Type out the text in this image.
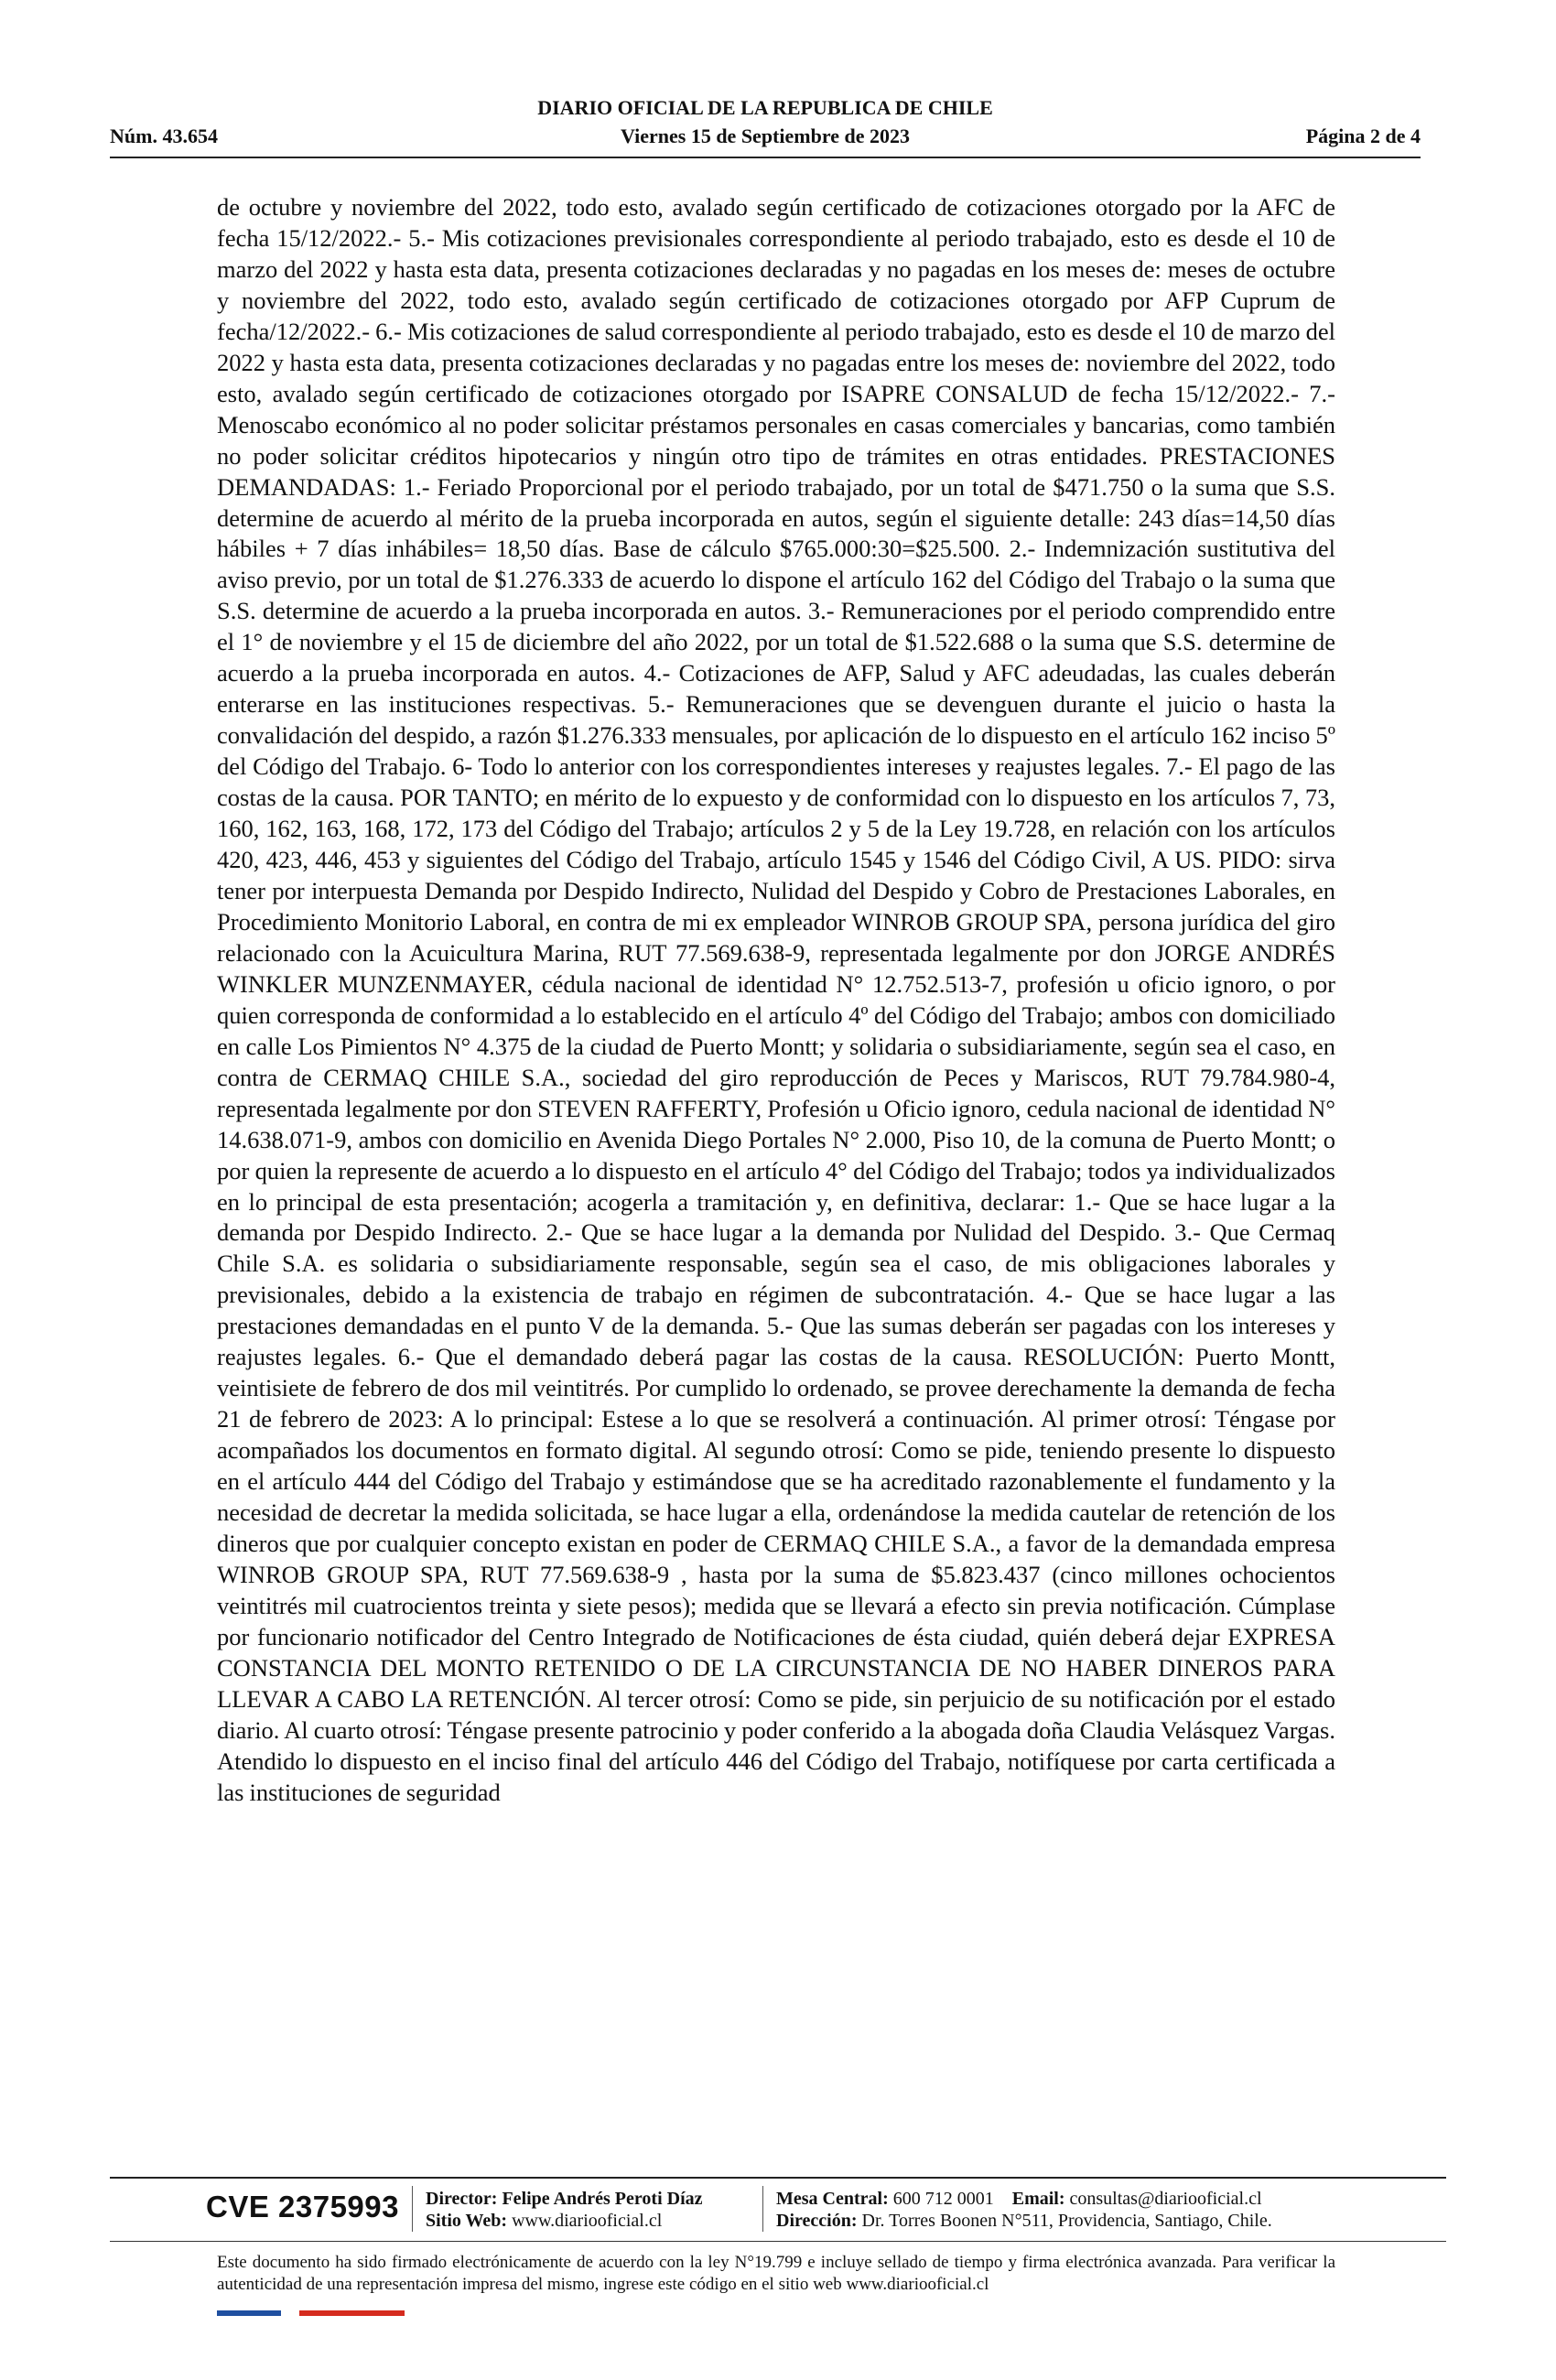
Núm. 43.654
DIARIO OFICIAL DE LA REPUBLICA DE CHILE
Viernes 15 de Septiembre de 2023	Página 2 de 4
de octubre y noviembre del 2022, todo esto, avalado según certificado de cotizaciones otorgado por la AFC de fecha 15/12/2022.- 5.- Mis cotizaciones previsionales correspondiente al periodo trabajado, esto es desde el 10 de marzo del 2022 y hasta esta data, presenta cotizaciones declaradas y no pagadas en los meses de: meses de octubre y noviembre del 2022, todo esto, avalado según certificado de cotizaciones otorgado por AFP Cuprum de fecha/12/2022.- 6.- Mis cotizaciones de salud correspondiente al periodo trabajado, esto es desde el 10 de marzo del 2022 y hasta esta data, presenta cotizaciones declaradas y no pagadas entre los meses de: noviembre del 2022, todo esto, avalado según certificado de cotizaciones otorgado por ISAPRE CONSALUD de fecha 15/12/2022.- 7.- Menoscabo económico al no poder solicitar préstamos personales en casas comerciales y bancarias, como también no poder solicitar créditos hipotecarios y ningún otro tipo de trámites en otras entidades. PRESTACIONES DEMANDADAS: 1.- Feriado Proporcional por el periodo trabajado, por un total de $471.750 o la suma que S.S. determine de acuerdo al mérito de la prueba incorporada en autos, según el siguiente detalle: 243 días=14,50 días hábiles + 7 días inhábiles= 18,50 días. Base de cálculo $765.000:30=$25.500. 2.- Indemnización sustitutiva del aviso previo, por un total de $1.276.333 de acuerdo lo dispone el artículo 162 del Código del Trabajo o la suma que S.S. determine de acuerdo a la prueba incorporada en autos. 3.- Remuneraciones por el periodo comprendido entre el 1° de noviembre y el 15 de diciembre del año 2022, por un total de $1.522.688 o la suma que S.S. determine de acuerdo a la prueba incorporada en autos. 4.- Cotizaciones de AFP, Salud y AFC adeudadas, las cuales deberán enterarse en las instituciones respectivas. 5.- Remuneraciones que se devenguen durante el juicio o hasta la convalidación del despido, a razón $1.276.333 mensuales, por aplicación de lo dispuesto en el artículo 162 inciso 5º del Código del Trabajo. 6- Todo lo anterior con los correspondientes intereses y reajustes legales. 7.- El pago de las costas de la causa. POR TANTO; en mérito de lo expuesto y de conformidad con lo dispuesto en los artículos 7, 73, 160, 162, 163, 168, 172, 173 del Código del Trabajo; artículos 2 y 5 de la Ley 19.728, en relación con los artículos 420, 423, 446, 453 y siguientes del Código del Trabajo, artículo 1545 y 1546 del Código Civil, A US. PIDO: sirva tener por interpuesta Demanda por Despido Indirecto, Nulidad del Despido y Cobro de Prestaciones Laborales, en Procedimiento Monitorio Laboral, en contra de mi ex empleador WINROB GROUP SPA, persona jurídica del giro relacionado con la Acuicultura Marina, RUT 77.569.638-9, representada legalmente por don JORGE ANDRÉS WINKLER MUNZENMAYER, cédula nacional de identidad N° 12.752.513-7, profesión u oficio ignoro, o por quien corresponda de conformidad a lo establecido en el artículo 4º del Código del Trabajo; ambos con domiciliado en calle Los Pimientos N° 4.375 de la ciudad de Puerto Montt; y solidaria o subsidiariamente, según sea el caso, en contra de CERMAQ CHILE S.A., sociedad del giro reproducción de Peces y Mariscos, RUT 79.784.980-4, representada legalmente por don STEVEN RAFFERTY, Profesión u Oficio ignoro, cedula nacional de identidad N° 14.638.071-9, ambos con domicilio en Avenida Diego Portales N° 2.000, Piso 10, de la comuna de Puerto Montt; o por quien la represente de acuerdo a lo dispuesto en el artículo 4° del Código del Trabajo; todos ya individualizados en lo principal de esta presentación; acogerla a tramitación y, en definitiva, declarar: 1.- Que se hace lugar a la demanda por Despido Indirecto. 2.- Que se hace lugar a la demanda por Nulidad del Despido. 3.- Que Cermaq Chile S.A. es solidaria o subsidiariamente responsable, según sea el caso, de mis obligaciones laborales y previsionales, debido a la existencia de trabajo en régimen de subcontratación. 4.- Que se hace lugar a las prestaciones demandadas en el punto V de la demanda. 5.- Que las sumas deberán ser pagadas con los intereses y reajustes legales. 6.- Que el demandado deberá pagar las costas de la causa. RESOLUCIÓN: Puerto Montt, veintisiete de febrero de dos mil veintitrés. Por cumplido lo ordenado, se provee derechamente la demanda de fecha 21 de febrero de 2023: A lo principal: Estese a lo que se resolverá a continuación. Al primer otrosí: Téngase por acompañados los documentos en formato digital. Al segundo otrosí: Como se pide, teniendo presente lo dispuesto en el artículo 444 del Código del Trabajo y estimándose que se ha acreditado razonablemente el fundamento y la necesidad de decretar la medida solicitada, se hace lugar a ella, ordenándose la medida cautelar de retención de los dineros que por cualquier concepto existan en poder de CERMAQ CHILE S.A., a favor de la demandada empresa WINROB GROUP SPA, RUT 77.569.638-9 , hasta por la suma de $5.823.437 (cinco millones ochocientos veintitrés mil cuatrocientos treinta y siete pesos); medida que se llevará a efecto sin previa notificación. Cúmplase por funcionario notificador del Centro Integrado de Notificaciones de ésta ciudad, quién deberá dejar EXPRESA CONSTANCIA DEL MONTO RETENIDO O DE LA CIRCUNSTANCIA DE NO HABER DINEROS PARA LLEVAR A CABO LA RETENCIÓN. Al tercer otrosí: Como se pide, sin perjuicio de su notificación por el estado diario. Al cuarto otrosí: Téngase presente patrocinio y poder conferido a la abogada doña Claudia Velásquez Vargas. Atendido lo dispuesto en el inciso final del artículo 446 del Código del Trabajo, notifíquese por carta certificada a las instituciones de seguridad
CVE 2375993 Director: Felipe Andrés Peroti Díaz
Sitio Web: www.diariooficial.cl
Mesa Central: 600 712 0001 Email: consultas@diariooficial.cl
Dirección: Dr. Torres Boonen N°511, Providencia, Santiago, Chile.
Este documento ha sido firmado electrónicamente de acuerdo con la ley N°19.799 e incluye sellado de tiempo y firma electrónica avanzada. Para verificar la autenticidad de una representación impresa del mismo, ingrese este código en el sitio web www.diariooficial.cl
